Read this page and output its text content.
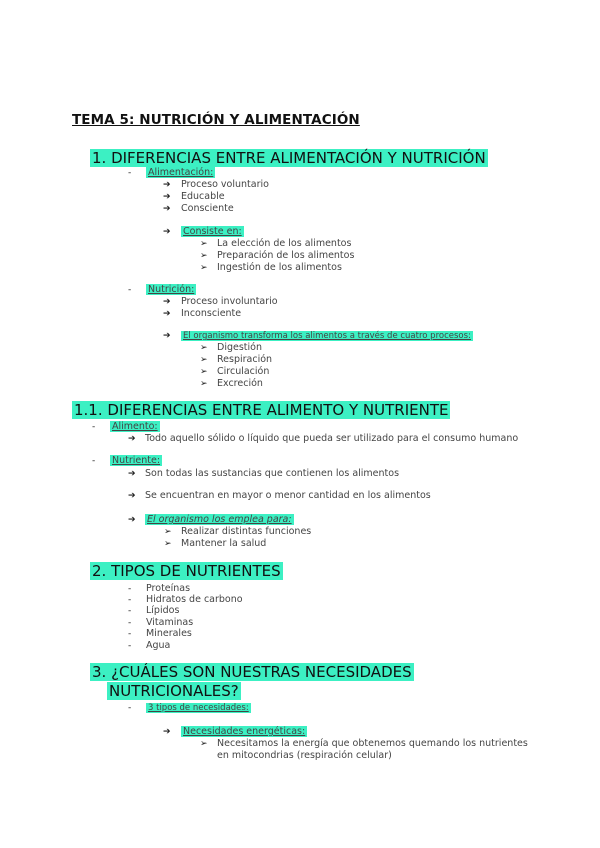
TEMA 5: NUTRICIÓN Y ALIMENTACIÓN
1. DIFERENCIAS ENTRE ALIMENTACIÓN Y NUTRICIÓN
- Alimentación:
➔ Proceso voluntario
➔ Educable
➔ Consciente
➔ Consiste en:
➢ La elección de los alimentos
➢ Preparación de los alimentos
➢ Ingestión de los alimentos
- Nutrición:
➔ Proceso involuntario
➔ Inconsciente
➔ El organismo transforma los alimentos a través de cuatro procesos:
➢ Digestión
➢ Respiración
➢ Circulación
➢ Excreción
1.1. DIFERENCIAS ENTRE ALIMENTO Y NUTRIENTE
- Alimento:
➔ Todo aquello sólido o líquido que pueda ser utilizado para el consumo humano
- Nutriente:
➔ Son todas las sustancias que contienen los alimentos
➔ Se encuentran en mayor o menor cantidad en los alimentos
➔ El organismo los emplea para:
➢ Realizar distintas funciones
➢ Mantener la salud
2. TIPOS DE NUTRIENTES
- Proteínas
- Hidratos de carbono
- Lípidos
- Vitaminas
- Minerales
- Agua
3. ¿CUÁLES SON NUESTRAS NECESIDADES
NUTRICIONALES?
- 3 tipos de necesidades:
➔ Necesidades energéticas:
➢ Necesitamos la energía que obtenemos quemando los nutrientes
en mitocondrias (respiración celular)
